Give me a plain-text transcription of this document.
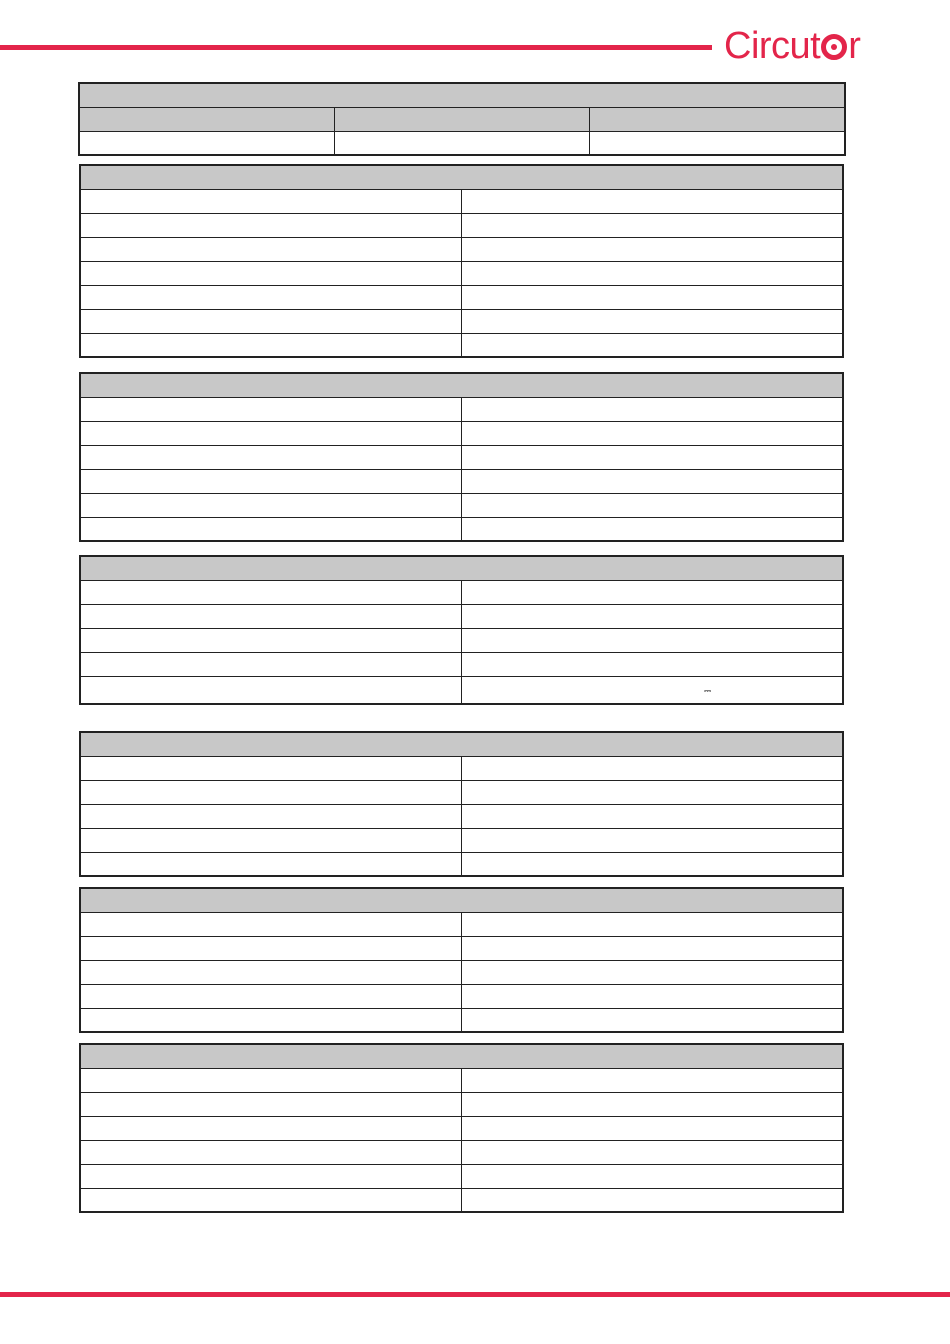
Circut r

	⎓
